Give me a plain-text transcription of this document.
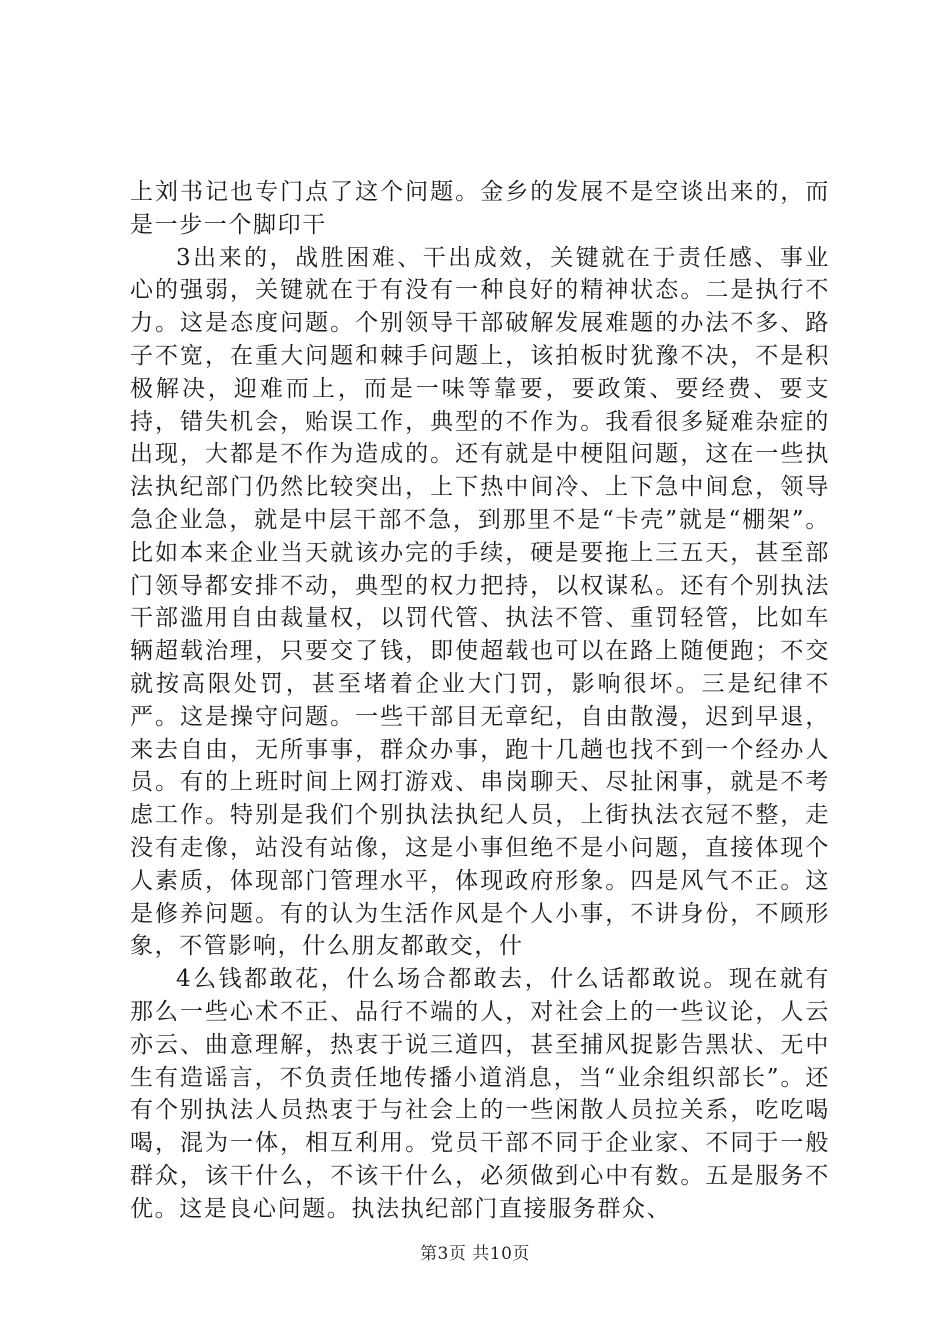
上刘书记也专门点了这个问题。金乡的发展不是空谈出来的，而是一步一个脚印干

3出来的，战胜困难、干出成效，关键就在于责任感、事业心的强弱，关键就在于有没有一种良好的精神状态。二是执行不力。这是态度问题。个别领导干部破解发展难题的办法不多、路子不宽，在重大问题和棘手问题上，该拍板时犹豫不决，不是积极解决，迎难而上，而是一味等靠要，要政策、要经费、要支持，错失机会，贻误工作，典型的不作为。我看很多疑难杂症的出现，大都是不作为造成的。还有就是中梗阻问题，这在一些执法执纪部门仍然比较突出，上下热中间冷、上下急中间怠，领导急企业急，就是中层干部不急，到那里不是“卡壳”就是“棚架”。比如本来企业当天就该办完的手续，硬是要拖上三五天，甚至部门领导都安排不动，典型的权力把持，以权谋私。还有个别执法干部滥用自由裁量权，以罚代管、执法不管、重罚轻管，比如车辆超载治理，只要交了钱，即使超载也可以在路上随便跑；不交就按高限处罚，甚至堵着企业大门罚，影响很坏。三是纪律不严。这是操守问题。一些干部目无章纪，自由散漫，迟到早退，来去自由，无所事事，群众办事，跑十几趟也找不到一个经办人员。有的上班时间上网打游戏、串岗聊天、尽扯闲事，就是不考虑工作。特别是我们个别执法执纪人员，上街执法衣冠不整，走没有走像，站没有站像，这是小事但绝不是小问题，直接体现个人素质，体现部门管理水平，体现政府形象。四是风气不正。这是修养问题。有的认为生活作风是个人小事，不讲身份，不顾形象，不管影响，什么朋友都敢交，什

4么钱都敢花，什么场合都敢去，什么话都敢说。现在就有那么一些心术不正、品行不端的人，对社会上的一些议论，人云亦云、曲意理解，热衷于说三道四，甚至捕风捉影告黑状、无中生有造谣言，不负责任地传播小道消息，当“业余组织部长”。还有个别执法人员热衷于与社会上的一些闲散人员拉关系，吃吃喝喝，混为一体，相互利用。党员干部不同于企业家、不同于一般群众，该干什么，不该干什么，必须做到心中有数。五是服务不优。这是良心问题。执法执纪部门直接服务群众、

第3页 共10页
